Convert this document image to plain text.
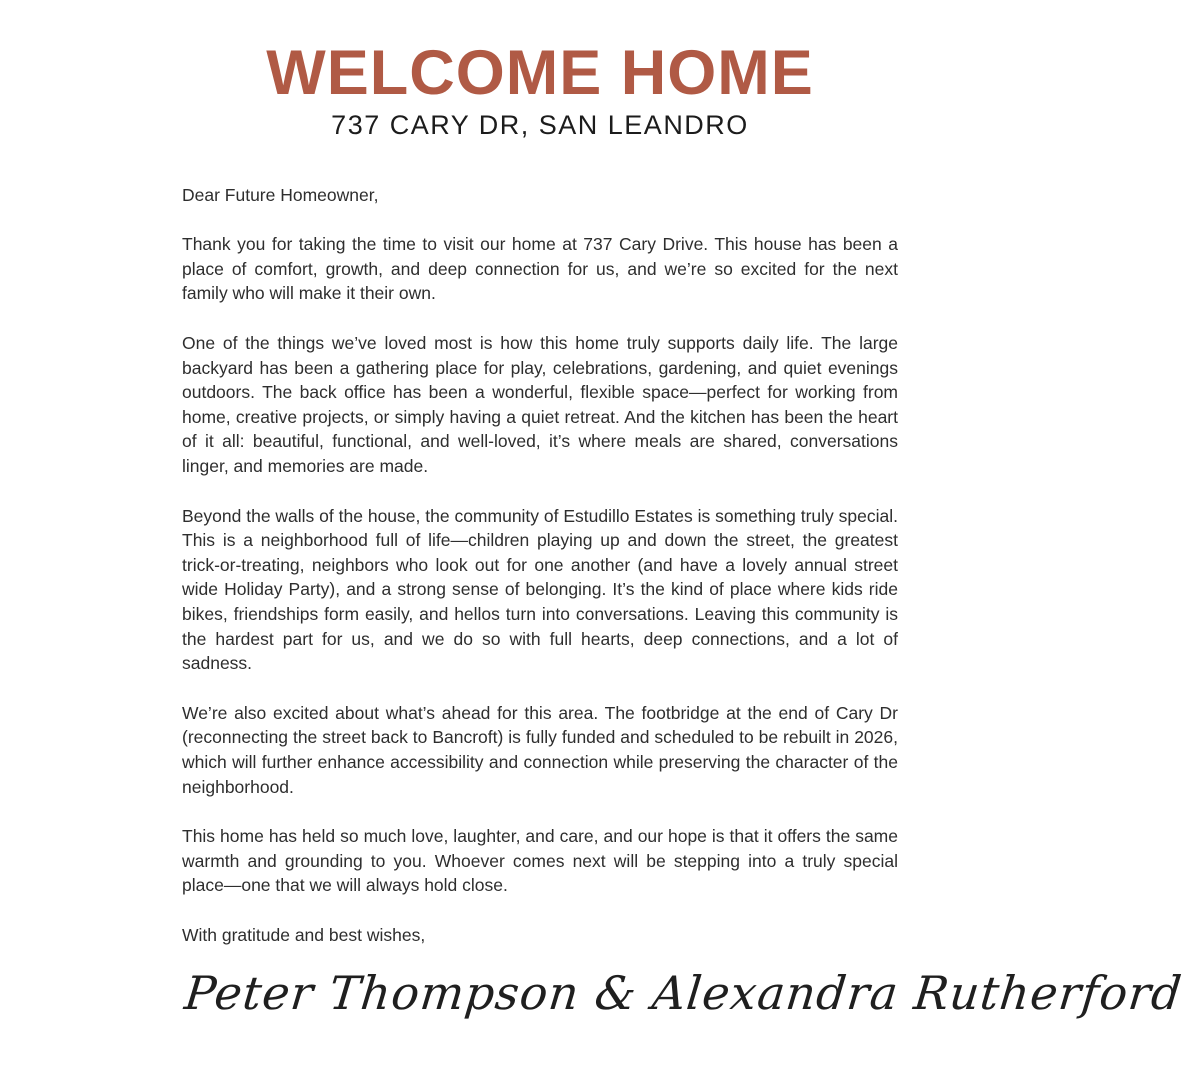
WELCOME HOME
737 CARY DR, SAN LEANDRO

Dear Future Homeowner,

Thank you for taking the time to visit our home at 737 Cary Drive. This house has been a place of comfort, growth, and deep connection for us, and we’re so excited for the next family who will make it their own.

One of the things we’ve loved most is how this home truly supports daily life. The large backyard has been a gathering place for play, celebrations, gardening, and quiet evenings outdoors. The back office has been a wonderful, flexible space—perfect for working from home, creative projects, or simply having a quiet retreat. And the kitchen has been the heart of it all: beautiful, functional, and well-loved, it’s where meals are shared, conversations linger, and memories are made.

Beyond the walls of the house, the community of Estudillo Estates is something truly special. This is a neighborhood full of life—children playing up and down the street, the greatest trick-or-treating, neighbors who look out for one another (and have a lovely annual street wide Holiday Party), and a strong sense of belonging. It’s the kind of place where kids ride bikes, friendships form easily, and hellos turn into conversations. Leaving this community is the hardest part for us, and we do so with full hearts, deep connections, and a lot of sadness.

We’re also excited about what’s ahead for this area. The footbridge at the end of Cary Dr (reconnecting the street back to Bancroft) is fully funded and scheduled to be rebuilt in 2026, which will further enhance accessibility and connection while preserving the character of the neighborhood.

This home has held so much love, laughter, and care, and our hope is that it offers the same warmth and grounding to you. Whoever comes next will be stepping into a truly special place—one that we will always hold close.

With gratitude and best wishes,

Peter Thompson & Alexandra Rutherford
